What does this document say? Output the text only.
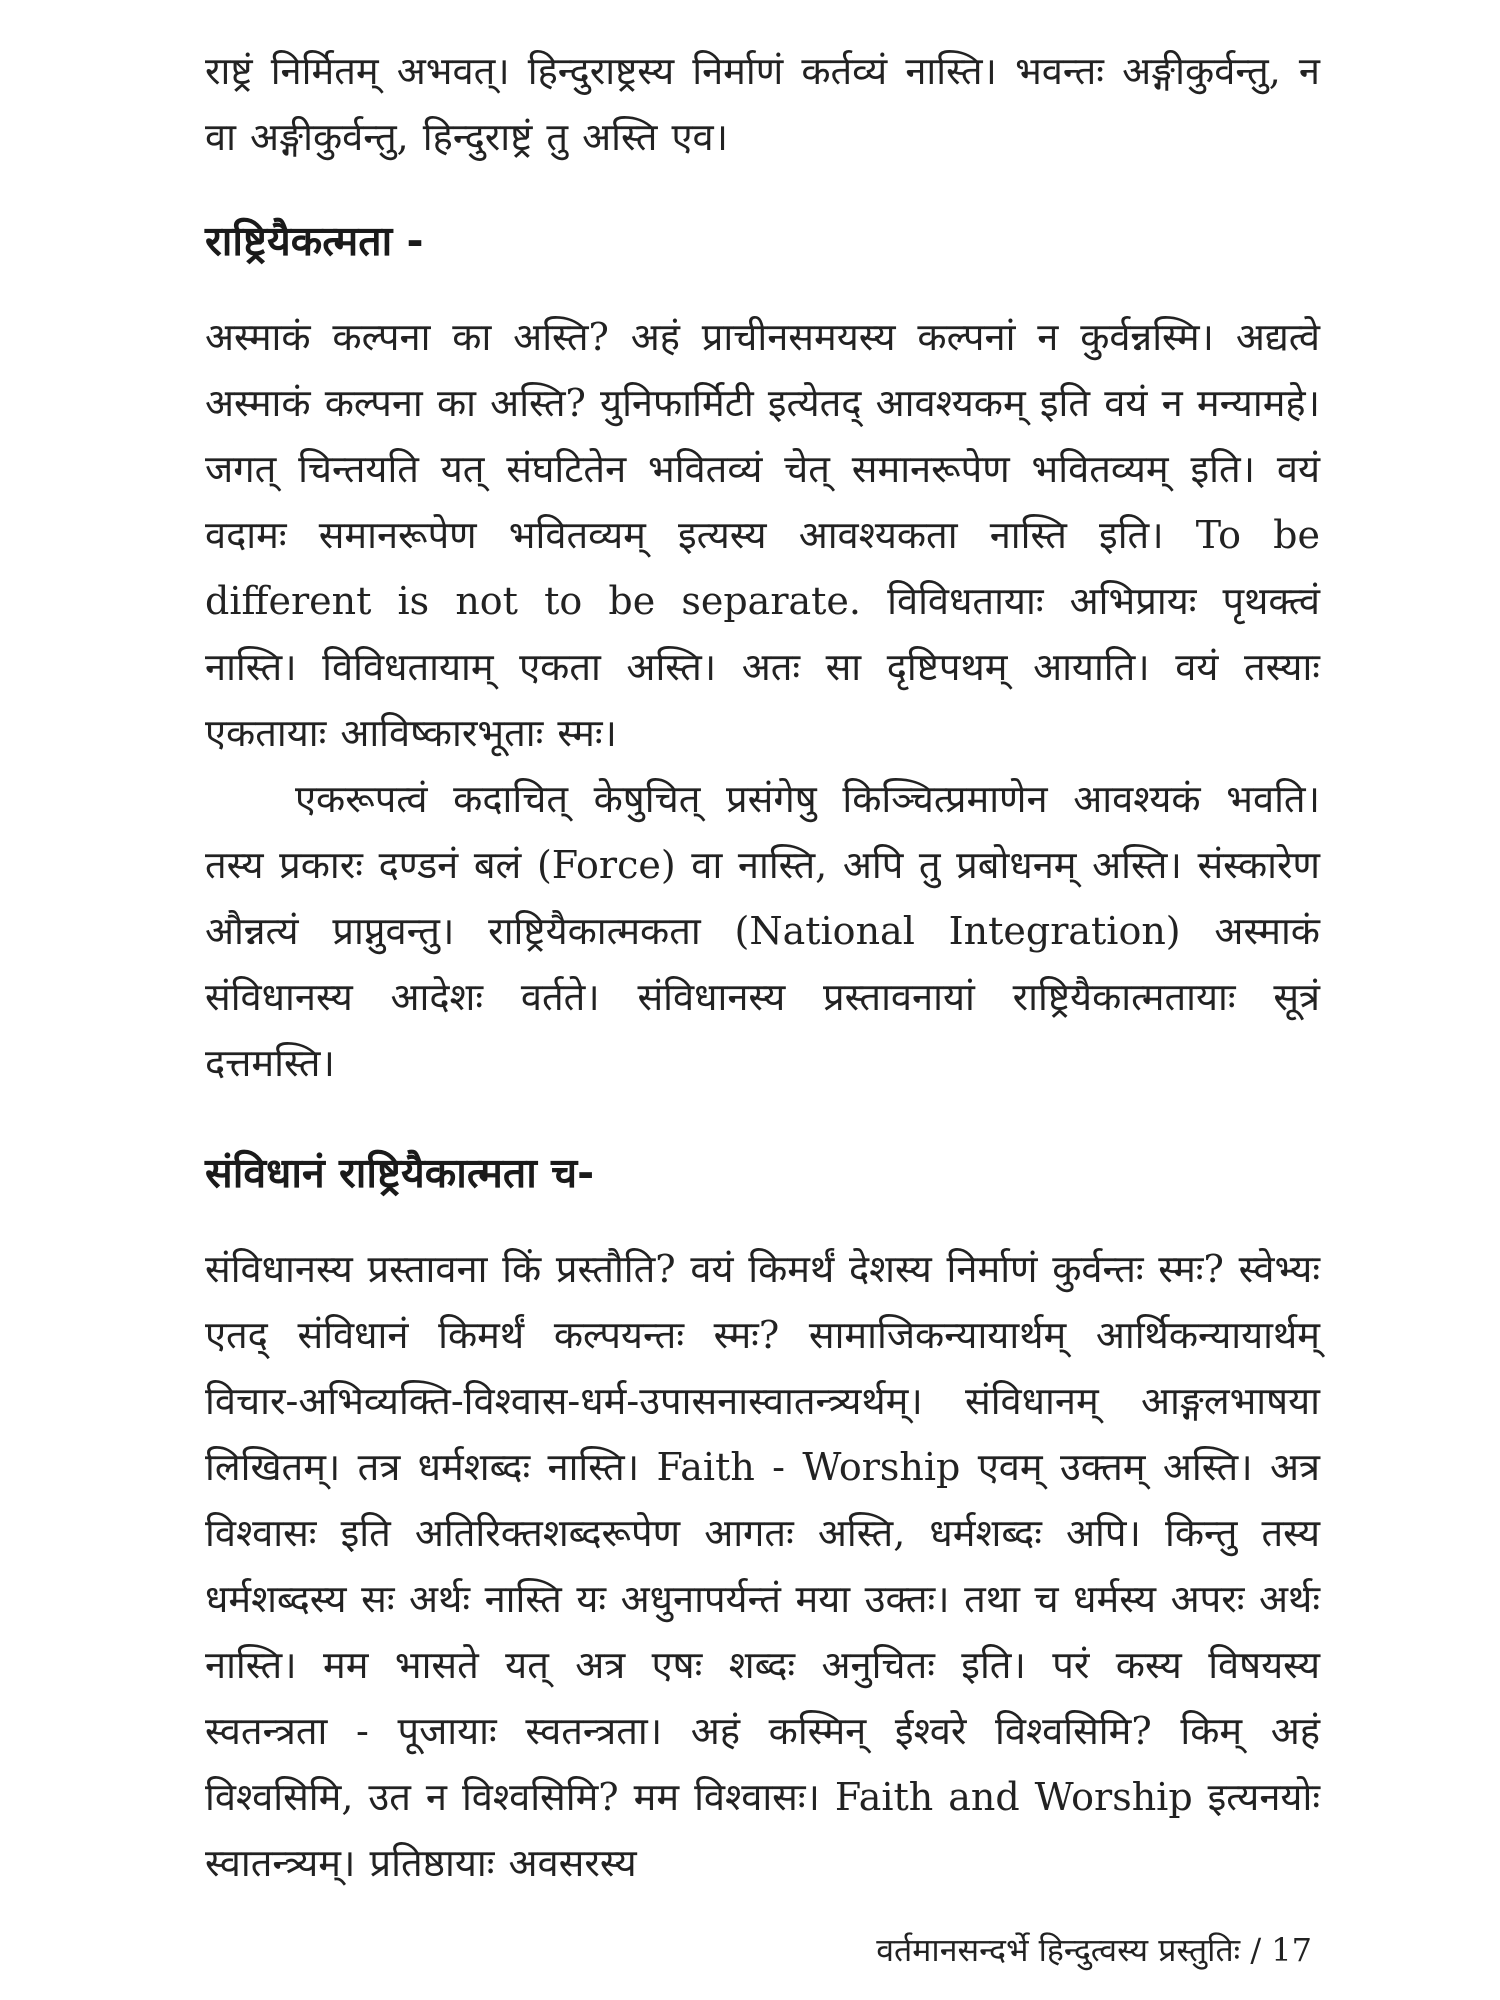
राष्ट्रं निर्मितम् अभवत्। हिन्दुराष्ट्रस्य निर्माणं कर्तव्यं नास्ति। भवन्तः अङ्गीकुर्वन्तु, न वा अङ्गीकुर्वन्तु, हिन्दुराष्ट्रं तु अस्ति एव।

राष्ट्रियैकत्मता -

अस्माकं कल्पना का अस्ति? अहं प्राचीनसमयस्य कल्पनां न कुर्वन्नस्मि। अद्यत्वे अस्माकं कल्पना का अस्ति? युनिफार्मिटी इत्येतद् आवश्यकम् इति वयं न मन्यामहे। जगत् चिन्तयति यत् संघटितेन भवितव्यं चेत् समानरूपेण भवितव्यम् इति। वयं वदामः समानरूपेण भवितव्यम् इत्यस्य आवश्यकता नास्ति इति। To be different is not to be separate. विविधतायाः अभिप्रायः पृथक्त्वं नास्ति। विविधतायाम् एकता अस्ति। अतः सा दृष्टिपथम् आयाति। वयं तस्याः एकतायाः आविष्कारभूताः स्मः।

एकरूपत्वं कदाचित् केषुचित् प्रसंगेषु किञ्चित्प्रमाणेन आवश्यकं भवति। तस्य प्रकारः दण्डनं बलं (Force) वा नास्ति, अपि तु प्रबोधनम् अस्ति। संस्कारेण औन्नत्यं प्राप्नुवन्तु। राष्ट्रियैकात्मकता (National Integration) अस्माकं संविधानस्य आदेशः वर्तते। संविधानस्य प्रस्तावनायां राष्ट्रियैकात्मतायाः सूत्रं दत्तमस्ति।

संविधानं राष्ट्रियैकात्मता च-

संविधानस्य प्रस्तावना किं प्रस्तौति? वयं किमर्थं देशस्य निर्माणं कुर्वन्तः स्मः? स्वेभ्यः एतद् संविधानं किमर्थं कल्पयन्तः स्मः? सामाजिकन्यायार्थम् आर्थिकन्यायार्थम् विचार-अभिव्यक्ति-विश्वास-धर्म-उपासनास्वातन्त्र्यर्थम्। संविधानम् आङ्गलभाषया लिखितम्। तत्र धर्मशब्दः नास्ति। Faith - Worship एवम् उक्तम् अस्ति। अत्र विश्वासः इति अतिरिक्तशब्दरूपेण आगतः अस्ति, धर्मशब्दः अपि। किन्तु तस्य धर्मशब्दस्य सः अर्थः नास्ति यः अधुनापर्यन्तं मया उक्तः। तथा च धर्मस्य अपरः अर्थः नास्ति। मम भासते यत् अत्र एषः शब्दः अनुचितः इति। परं कस्य विषयस्य स्वतन्त्रता - पूजायाः स्वतन्त्रता। अहं कस्मिन् ईश्वरे विश्वसिमि? किम् अहं विश्वसिमि, उत न विश्वसिमि? मम विश्वासः। Faith and Worship इत्यनयोः स्वातन्त्र्यम्। प्रतिष्ठायाः अवसरस्य

वर्तमानसन्दर्भे हिन्दुत्वस्य प्रस्तुतिः / 17
